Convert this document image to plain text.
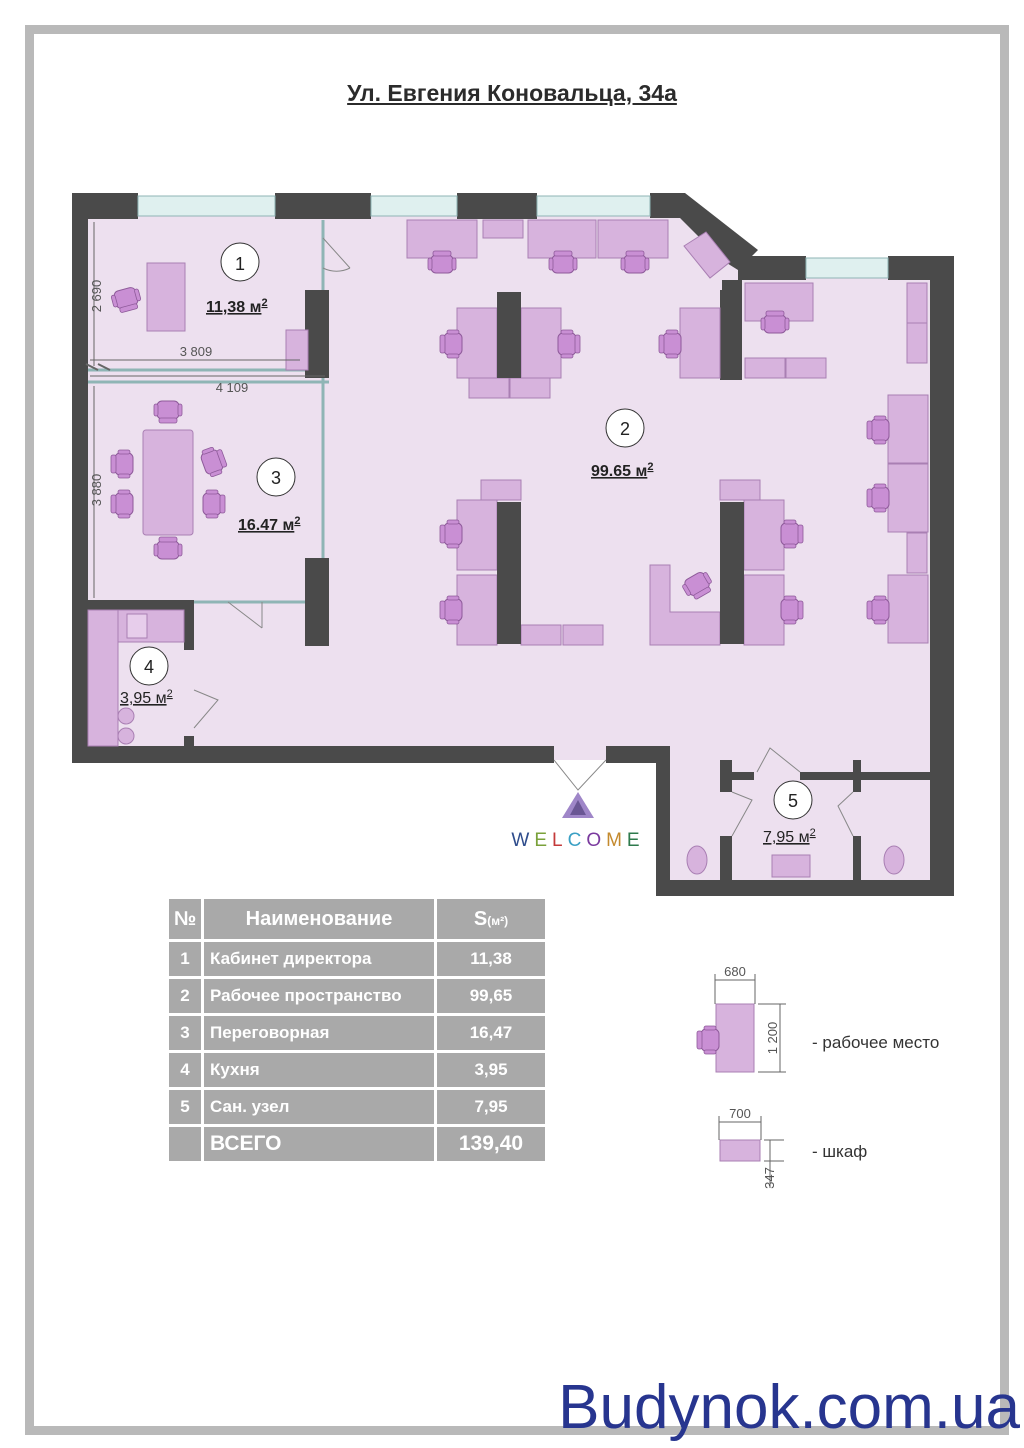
Ул. Евгения Коновальца, 34а
1
11,38 $м^2$
2
99.65 $м^2$
3
16.47 $м^2$
4
3,95 $м^2$
5
7,95 $м^2$
2 690
3 809
4 109
3 880
WELCOME
№	Наименование	S(м²)
1	Кабинет директора	11,38
2	Рабочее пространство	99,65
3	Переговорная	16,47
4	Кухня	3,95
5	Сан. узел	7,95
	ВСЕГО	139,40
680
1 200 - рабочее место
700
347
- шкаф
Budynok.com.ua
